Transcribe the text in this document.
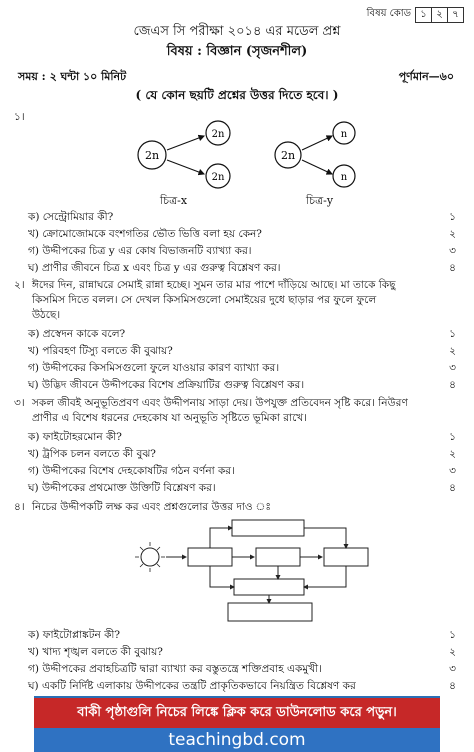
বিষয় কোড ১ ২ ৭
জেএস সি পরীক্ষা ২০১৪ এর মডেল প্রশ্ন
বিষয় : বিজ্ঞান (সৃজনশীল)
সময় : ২ ঘন্টা ১০ মিনিট	পূর্ণমান—৬০
( যে কোন ছয়টি প্রশ্নের উত্তর দিতে হবে। )
১।
2n
2n
2n
2n
n
n
চিত্র-x	চিত্র-y
ক) সেন্ট্রোমিয়ার কী?	১
খ) ক্রোমোজোমকে বংশগতির ভৌত ভিত্তি বলা হয় কেন?	২
গ) উদ্দীপকের চিত্র y এর কোষ বিভাজনটি ব্যাখ্যা কর।	৩
ঘ) প্রাণীর জীবনে চিত্র x এবং চিত্র y এর গুরুত্ব বিশ্লেষণ কর।	৪
২। ঈদের দিন, রান্নাঘরে সেমাই রান্না হচ্ছে। সুমন তার মার পাশে দাঁড়িয়ে আছে। মা তাকে কিছু
কিসমিস দিতে বলল। সে দেখল কিসমিসগুলো সেমাইয়ের দুধে ছাড়ার পর ফুলে ফুলে
উঠছে।
ক) প্রস্বেদন কাকে বলে?	১
খ) পরিবহণ টিস্যু বলতে কী বুঝায়?	২
গ) উদ্দীপকের কিসমিসগুলো ফুলে যাওয়ার কারণ ব্যাখ্যা কর।	৩
ঘ) উদ্ভিদ জীবনে উদ্দীপকের বিশেষ প্রক্রিয়াটির গুরুত্ব বিশ্লেষণ কর।	৪
৩। সকল জীবই অনুভূতিপ্রবণ এবং উদ্দীপনায় সাড়া দেয়। উপযুক্ত প্রতিবেদন সৃষ্টি করে। নিউরণ
প্রাণীর এ বিশেষ ধরনের দেহকোষ যা অনুভূতি সৃষ্টিতে ভূমিকা রাখে।
ক) ফাইটোহরমোন কী?	১
খ) ট্রপিক চলন বলতে কী বুঝ?	২
গ) উদ্দীপকের বিশেষ দেহকোষটির গঠন বর্ণনা কর।	৩
ঘ) উদ্দীপকের প্রথমোক্ত উক্তিটি বিশ্লেষণ কর।	৪
৪। নিচের উদ্দীপকটি লক্ষ কর এবং প্রশ্নগুলোর উত্তর দাও ঃ
ক) ফাইটোপ্লাঙ্কটন কী?	১
খ) খাদ্য শৃঙ্খল বলতে কী বুঝায়?	২
গ) উদ্দীপকের প্রবাহচিত্রটি দ্বারা ব্যাখ্যা কর বস্তুতন্ত্রে শক্তিপ্রবাহ একমুখী।	৩
ঘ) একটি নির্দিষ্ট এলাকায় উদ্দীপকের তন্ত্রটি প্রাকৃতিকভাবে নিয়ন্ত্রিত বিশ্লেষণ কর	৪
বাকী পৃষ্ঠাগুলি নিচের লিঙ্কে ক্লিক করে ডাউনলোড করে পড়ুন।
teachingbd.com
